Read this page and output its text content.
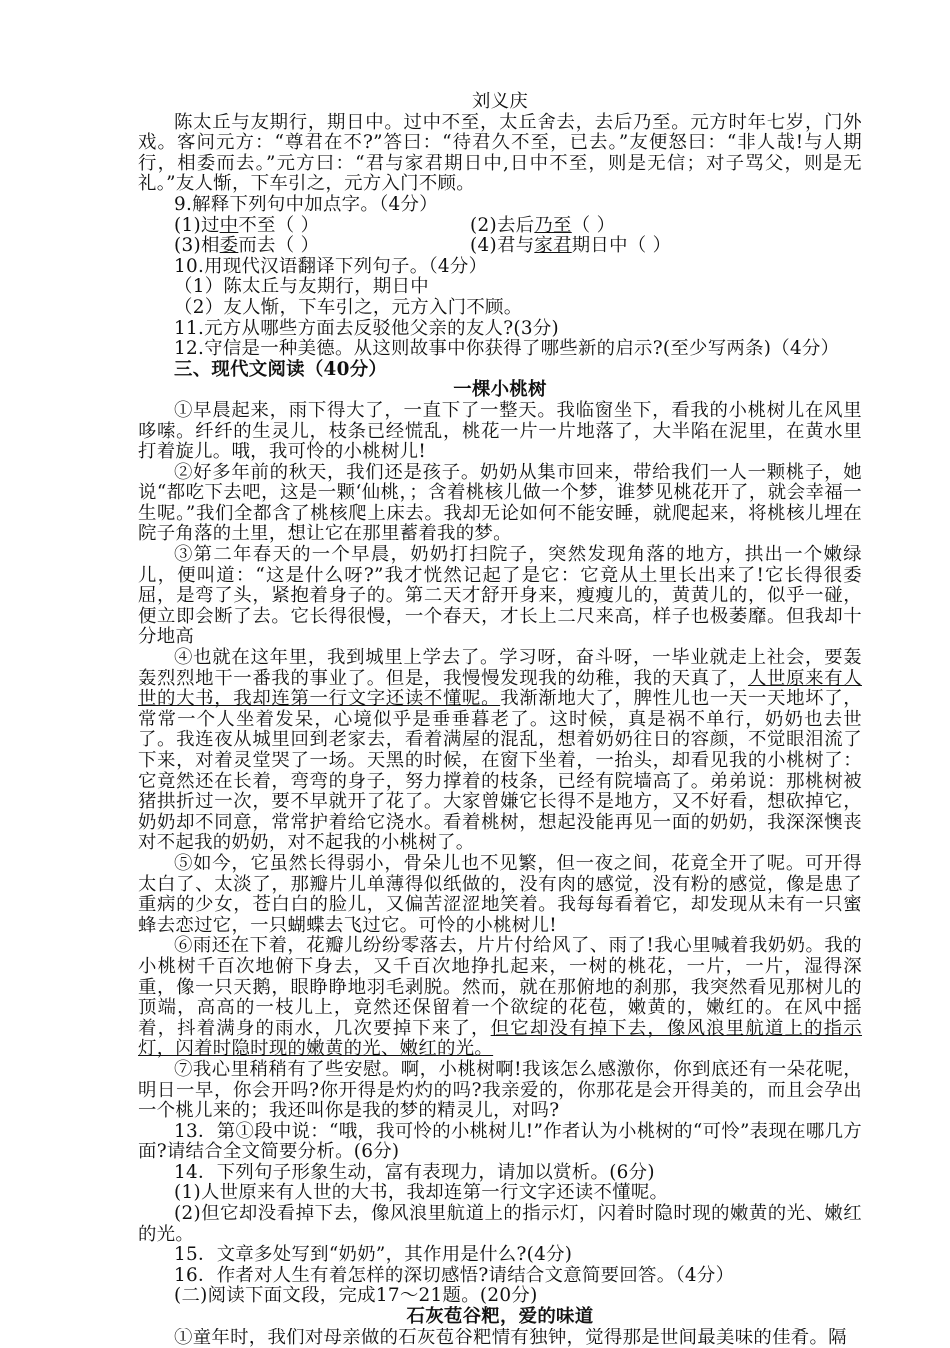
刘义庆

陈太丘与友期行，期日中。过中不至，太丘舍去，去后乃至。元方时年七岁，门外戏。客问元方：“尊君在不?”答曰：“待君久不至，已去。”友便怒曰：“非人哉!与人期行，相委而去。”元方曰：“君与家君期日中,日中不至，则是无信；对子骂父，则是无礼。”友人惭，下车引之，元方入门不顾。

9.解释下列句中加点字。（4分）

(1)过中不至（ ）	(2)去后乃至（ ）

(3)相委而去（ ）	(4)君与家君期日中（ ）

10.用现代汉语翻译下列句子。（4分）

（1）陈太丘与友期行，期日中

（2）友人惭，下车引之，元方入门不顾。

11.元方从哪些方面去反驳他父亲的友人?(3分)

12.守信是一种美德。从这则故事中你获得了哪些新的启示?(至少写两条)（4分）

三、现代文阅读（40分）

一棵小桃树

①早晨起来，雨下得大了，一直下了一整天。我临窗坐下，看我的小桃树儿在风里哆嗦。纤纤的生灵儿，枝条已经慌乱，桃花一片一片地落了，大半陷在泥里，在黄水里打着旋儿。哦，我可怜的小桃树儿!

②好多年前的秋天，我们还是孩子。奶奶从集市回来，带给我们一人一颗桃子，她说“都吃下去吧，这是一颗‘仙桃，；含着桃核儿做一个梦，谁梦见桃花开了，就会幸福一生呢。”我们全都含了桃核爬上床去。我却无论如何不能安睡，就爬起来，将桃核儿埋在院子角落的土里，想让它在那里蓄着我的梦。

③第二年春天的一个早晨，奶奶打扫院子，突然发现角落的地方，拱出一个嫩绿儿，便叫道：“这是什么呀?”我才恍然记起了是它：它竟从土里长出来了!它长得很委屈，是弯了头，紧抱着身子的。第二天才舒开身来，瘦瘦儿的，黄黄儿的，似乎一碰，便立即会断了去。它长得很慢，一个春天，才长上二尺来高，样子也极萎靡。但我却十分地高

④也就在这年里，我到城里上学去了。学习呀，奋斗呀，一毕业就走上社会，要轰轰烈烈地干一番我的事业了。但是，我慢慢发现我的幼稚，我的天真了，人世原来有人世的大书，我却连第一行文字还读不懂呢。我渐渐地大了，脾性儿也一天一天地坏了，常常一个人坐着发呆，心境似乎是垂垂暮老了。这时候，真是祸不单行，奶奶也去世了。我连夜从城里回到老家去，看着满屋的混乱，想着奶奶往日的容颜，不觉眼泪流了下来，对着灵堂哭了一场。天黑的时候，在窗下坐着，一抬头，却看见我的小桃树了：它竟然还在长着，弯弯的身子，努力撑着的枝条，已经有院墙高了。弟弟说：那桃树被猪拱折过一次，要不早就开了花了。大家曾嫌它长得不是地方，又不好看，想砍掉它，奶奶却不同意，常常护着给它浇水。看着桃树，想起没能再见一面的奶奶，我深深懊丧对不起我的奶奶，对不起我的小桃树了。

⑤如今，它虽然长得弱小，骨朵儿也不见繁，但一夜之间，花竟全开了呢。可开得太白了、太淡了，那瓣片儿单薄得似纸做的，没有肉的感觉，没有粉的感觉，像是患了重病的少女，苍白白的脸儿，又偏苦涩涩地笑着。我每每看着它，却发现从未有一只蜜蜂去恋过它，一只蝴蝶去飞过它。可怜的小桃树儿!

⑥雨还在下着，花瓣儿纷纷零落去，片片付给风了、雨了!我心里喊着我奶奶。我的小桃树千百次地俯下身去，又千百次地挣扎起来，一树的桃花，一片，一片，湿得深重，像一只天鹅，眼睁睁地羽毛剥脱。然而，就在那俯地的刹那，我突然看见那树儿的顶端，高高的一枝儿上，竟然还保留着一个欲绽的花苞，嫩黄的，嫩红的。在风中摇着，抖着满身的雨水，几次要掉下来了，但它却没有掉下去，像风浪里航道上的指示灯，闪着时隐时现的嫩黄的光、嫩红的光。

⑦我心里稍稍有了些安慰。啊，小桃树啊!我该怎么感激你，你到底还有一朵花呢，明日一早，你会开吗?你开得是灼灼的吗?我亲爱的，你那花是会开得美的，而且会孕出一个桃儿来的；我还叫你是我的梦的精灵儿，对吗?

13．第①段中说：“哦，我可怜的小桃树儿!”作者认为小桃树的“可怜”表现在哪几方面?请结合全文简要分析。(6分)

14．下列句子形象生动，富有表现力，请加以赏析。(6分)

(1)人世原来有人世的大书，我却连第一行文字还读不懂呢。

(2)但它却没看掉下去，像风浪里航道上的指示灯，闪着时隐时现的嫩黄的光、嫩红的光。

15．文章多处写到“奶奶”，其作用是什么?(4分)

16．作者对人生有着怎样的深切感悟?请结合文意简要回答。（4分）

(二)阅读下面文段，完成17～21题。(20分)

石灰苞谷粑，爱的味道

①童年时，我们对母亲做的石灰苞谷粑情有独钟，觉得那是世间最美味的佳肴。隔
